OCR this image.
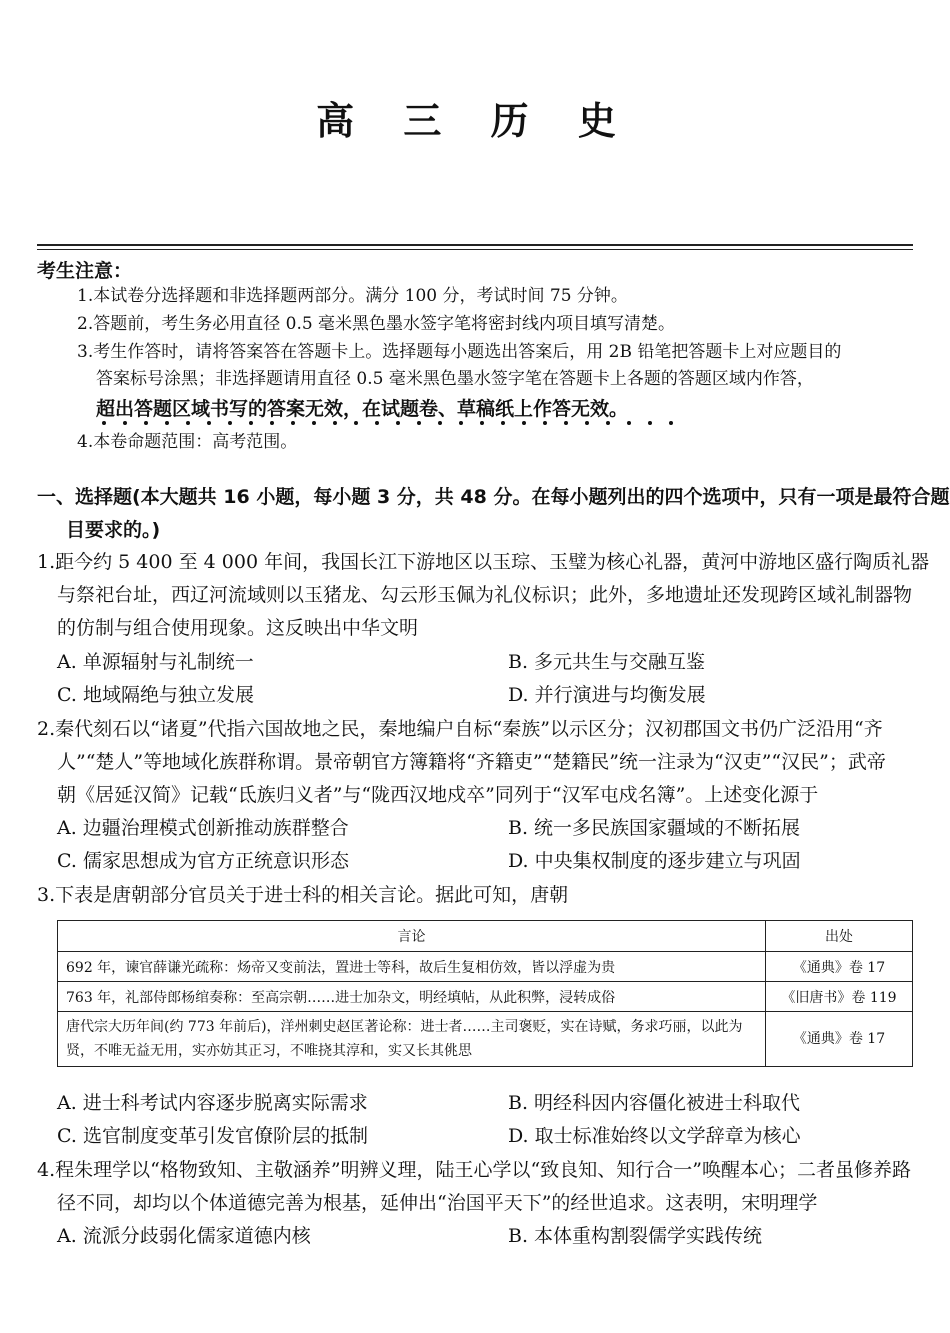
高 三 历 史
考生注意：
1.本试卷分选择题和非选择题两部分。满分 100 分，考试时间 75 分钟。
2.答题前，考生务必用直径 0.5 毫米黑色墨水签字笔将密封线内项目填写清楚。
3.考生作答时，请将答案答在答题卡上。选择题每小题选出答案后，用 2B 铅笔把答题卡上对应题目的
答案标号涂黑；非选择题请用直径 0.5 毫米黑色墨水签字笔在答题卡上各题的答题区域内作答，
超出答题区域书写的答案无效，在试题卷、草稿纸上作答无效。
4.本卷命题范围：高考范围。
一、选择题(本大题共 16 小题，每小题 3 分，共 48 分。在每小题列出的四个选项中，只有一项是最符合题
目要求的。)
1.距今约 5 400 至 4 000 年间，我国长江下游地区以玉琮、玉璧为核心礼器，黄河中游地区盛行陶质礼器
与祭祀台址，西辽河流域则以玉猪龙、勾云形玉佩为礼仪标识；此外，多地遗址还发现跨区域礼制器物
的仿制与组合使用现象。这反映出中华文明
A. 单源辐射与礼制统一	B. 多元共生与交融互鉴
C. 地域隔绝与独立发展	D. 并行演进与均衡发展
2.秦代刻石以“诸夏”代指六国故地之民，秦地编户自标“秦族”以示区分；汉初郡国文书仍广泛沿用“齐
人”“楚人”等地域化族群称谓。景帝朝官方簿籍将“齐籍吏”“楚籍民”统一注录为“汉吏”“汉民”；武帝
朝《居延汉简》记载“氐族归义者”与“陇西汉地戍卒”同列于“汉军屯戍名簿”。上述变化源于
A. 边疆治理模式创新推动族群整合	B. 统一多民族国家疆域的不断拓展
C. 儒家思想成为官方正统意识形态	D. 中央集权制度的逐步建立与巩固
3.下表是唐朝部分官员关于进士科的相关言论。据此可知，唐朝
言论	出处
692 年，谏官薛谦光疏称：炀帝又变前法，置进士等科，故后生复相仿效，皆以浮虚为贵	《通典》卷 17
763 年，礼部侍郎杨绾奏称：至高宗朝……进士加杂文，明经填帖，从此积弊，浸转成俗	《旧唐书》卷 119
唐代宗大历年间(约 773 年前后)，洋州刺史赵匡著论称：进士者……主司褒贬，实在诗赋，务求巧丽，以此为贤，不唯无益无用，实亦妨其正习，不唯挠其淳和，实又长其佻思	《通典》卷 17
A. 进士科考试内容逐步脱离实际需求	B. 明经科因内容僵化被进士科取代
C. 选官制度变革引发官僚阶层的抵制	D. 取士标准始终以文学辞章为核心
4.程朱理学以“格物致知、主敬涵养”明辨义理，陆王心学以“致良知、知行合一”唤醒本心；二者虽修养路
径不同，却均以个体道德完善为根基，延伸出“治国平天下”的经世追求。这表明，宋明理学
A. 流派分歧弱化儒家道德内核	B. 本体重构割裂儒学实践传统
